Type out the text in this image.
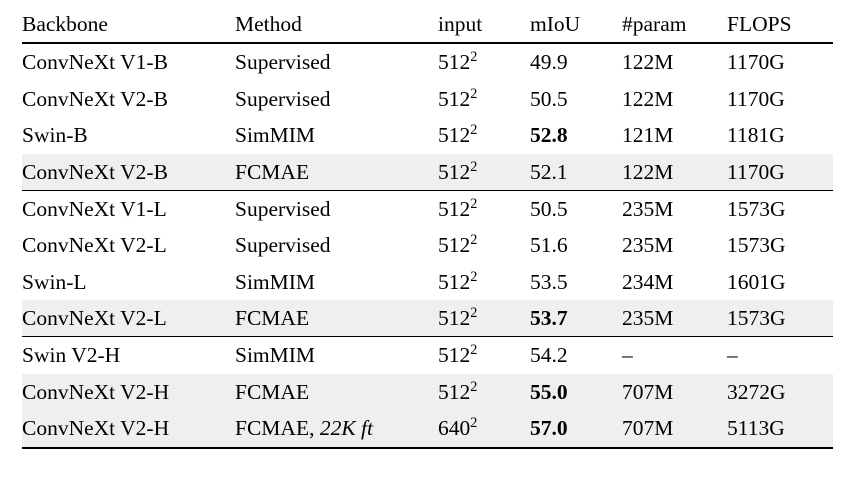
Backbone	Method	input	mIoU	#param	FLOPS

ConvNeXt V1-B	Supervised	$512^2$	49.9	122M	1170G
ConvNeXt V2-B	Supervised	$512^2$	50.5	122M	1170G
Swin-B	SimMIM	$512^2$	52.8	121M	1181G
ConvNeXt V2-B	FCMAE	$512^2$	52.1	122M	1170G

ConvNeXt V1-L	Supervised	$512^2$	50.5	235M	1573G
ConvNeXt V2-L	Supervised	$512^2$	51.6	235M	1573G
Swin-L	SimMIM	$512^2$	53.5	234M	1601G
ConvNeXt V2-L	FCMAE	$512^2$	53.7	235M	1573G

Swin V2-H	SimMIM	$512^2$	54.2	–	–
ConvNeXt V2-H	FCMAE	$512^2$	55.0	707M	3272G
ConvNeXt V2-H	FCMAE, 22K ft	$640^2$	57.0	707M	5113G
